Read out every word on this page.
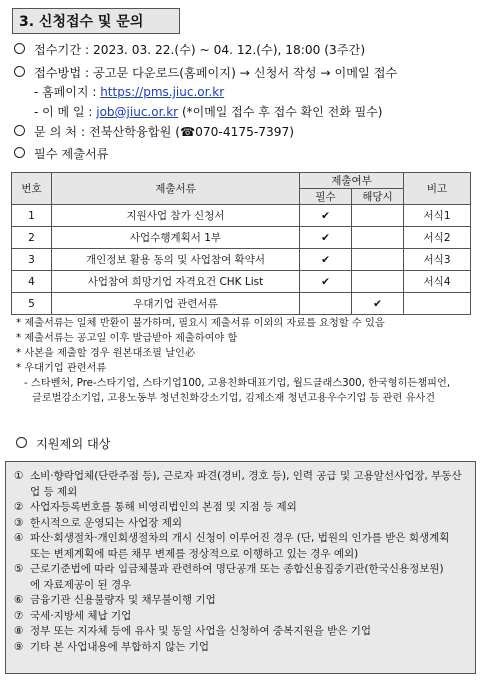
3. 신청접수 및 문의
접수기간 : 2023. 03. 22.(수) ~ 04. 12.(수), 18:00 (3주간)
접수방법 : 공고문 다운로드(홈페이지) → 신청서 작성 → 이메일 접수
- 홈페이지 : https://pms.jiuc.or.kr
- 이 메 일 : job@jiuc.or.kr (*이메일 접수 후 접수 확인 전화 필수)
문 의 처 : 전북산학융합원 (☎070-4175-7397)
필수 제출서류
번호	제출서류	제출여부		비고
		필수	해당시	
1	지원사업 참가 신청서	✔		서식1
2	사업수행계획서 1부	✔		서식2
3	개인정보 활용 동의 및 사업참여 확약서	✔		서식3
4	사업참여 희망기업 자격요건 CHK List	✔		서식4
5	우대기업 관련서류		✔	
* 제출서류는 일체 반환이 불가하며, 필요시 제출서류 이외의 자료를 요청할 수 있음
* 제출서류는 공고일 이후 발급받아 제출하여야 함
* 사본을 제출할 경우 원본대조필 날인必
* 우대기업 관련서류
- 스타벤처, Pre-스타기업, 스타기업100, 고용친화대표기업, 월드클래스300, 한국형히든챔피언,
글로벌강소기업, 고용노동부 청년친화강소기업, 김제소재 청년고용우수기업 등 관련 유사건
지원제외 대상
① 소비·향락업체(단란주점 등), 근로자 파견(경비, 경호 등), 인력 공급 및 고용알선사업장, 부동산
업 등 제외
② 사업자등록번호를 통해 비영리법인의 본점 및 지점 등 제외
③ 한시적으로 운영되는 사업장 제외
④ 파산·회생절차·개인회생절차의 개시 신청이 이루어진 경우 (단, 법원의 인가를 받은 회생계획
또는 변제계획에 따른 채무 변제를 정상적으로 이행하고 있는 경우 예외)
⑤ 근로기준법에 따라 임금체불과 관련하여 명단공개 또는 종합신용집중기관(한국신용정보원)
에 자료제공이 된 경우
⑥ 금융기관 신용불량자 및 채무불이행 기업
⑦ 국세·지방세 체납 기업
⑧ 정부 또는 지자체 등에 유사 및 동일 사업을 신청하여 중복지원을 받은 기업
⑨ 기타 본 사업내용에 부합하지 않는 기업
